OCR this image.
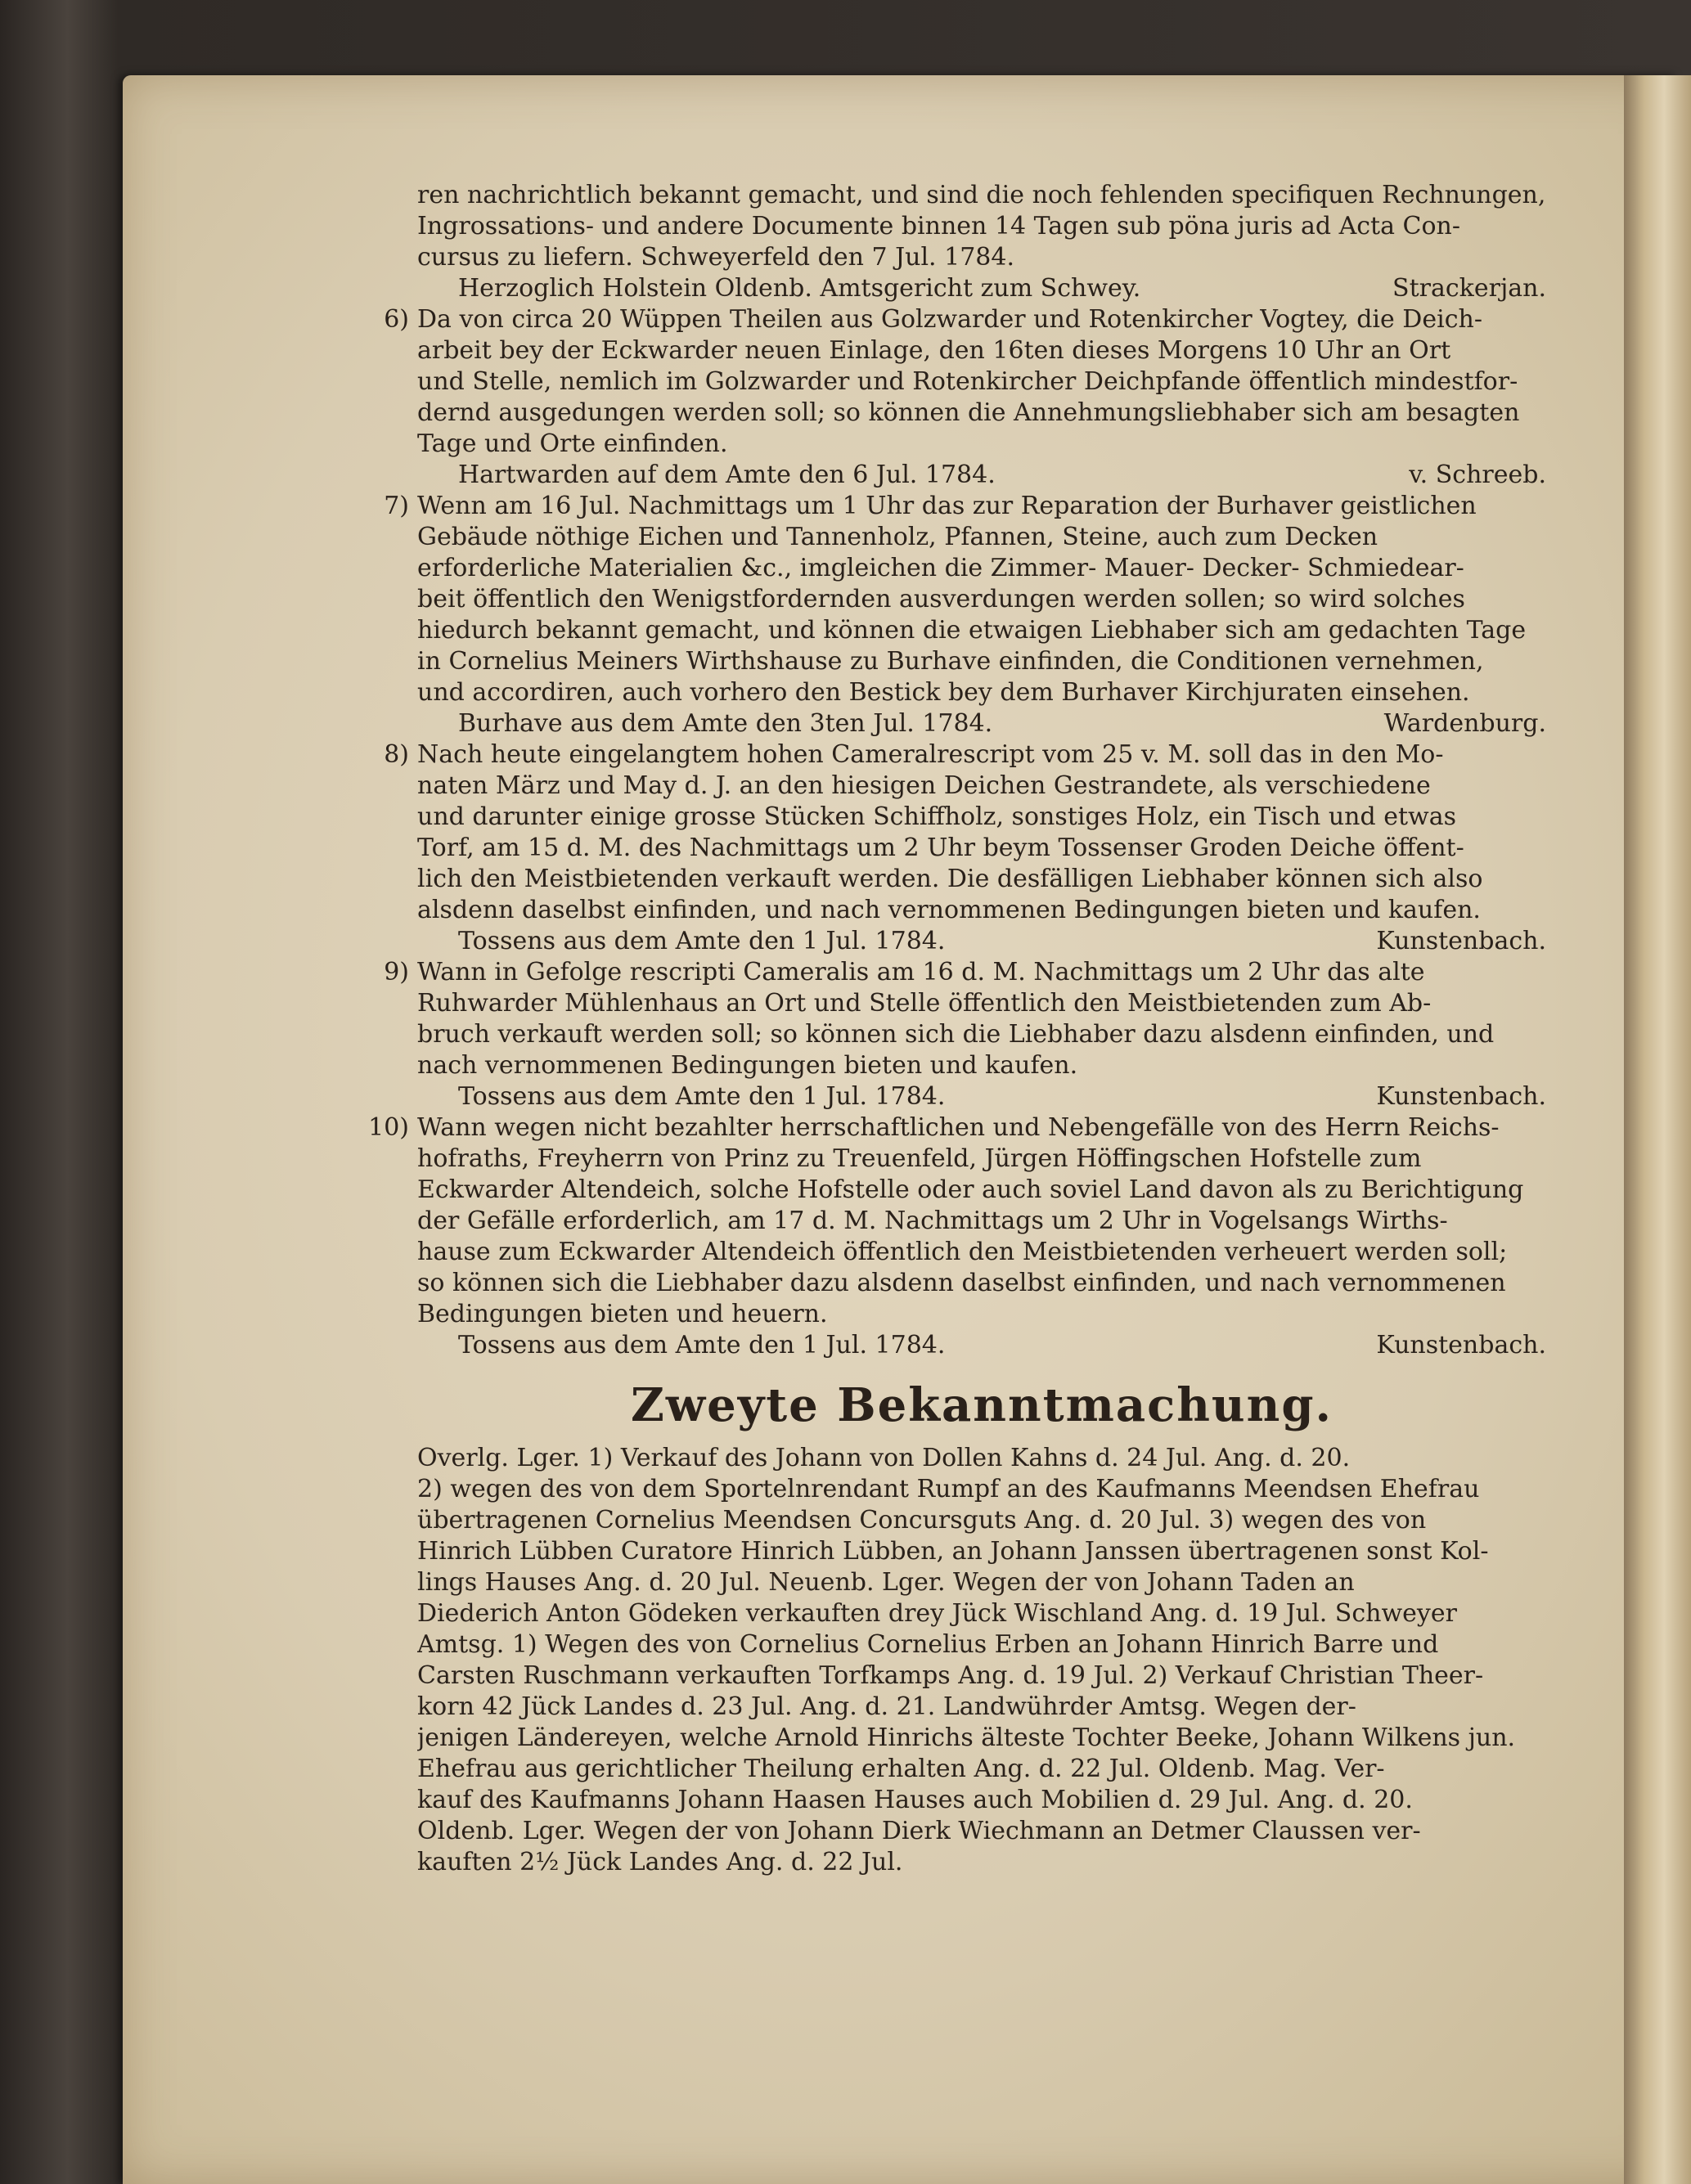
ren nachrichtlich bekannt gemacht, und sind die noch fehlenden specifiquen Rechnungen,
Ingrossations- und andere Documente binnen 14 Tagen sub pöna juris ad Acta Con-
cursus zu liefern. Schweyerfeld den 7 Jul. 1784.
Herzoglich Holstein Oldenb. Amtsgericht zum Schwey.	Strackerjan.
6) Da von circa 20 Wüppen Theilen aus Golzwarder und Rotenkircher Vogtey, die Deich-
arbeit bey der Eckwarder neuen Einlage, den 16ten dieses Morgens 10 Uhr an Ort
und Stelle, nemlich im Golzwarder und Rotenkircher Deichpfande öffentlich mindestfor-
dernd ausgedungen werden soll; so können die Annehmungsliebhaber sich am besagten
Tage und Orte einfinden.
Hartwarden auf dem Amte den 6 Jul. 1784.	v. Schreeb.
7) Wenn am 16 Jul. Nachmittags um 1 Uhr das zur Reparation der Burhaver geistlichen
Gebäude nöthige Eichen und Tannenholz, Pfannen, Steine, auch zum Decken
erforderliche Materialien &c., imgleichen die Zimmer- Mauer- Decker- Schmiedear-
beit öffentlich den Wenigstfordernden ausverdungen werden sollen; so wird solches
hiedurch bekannt gemacht, und können die etwaigen Liebhaber sich am gedachten Tage
in Cornelius Meiners Wirthshause zu Burhave einfinden, die Conditionen vernehmen,
und accordiren, auch vorhero den Bestick bey dem Burhaver Kirchjuraten einsehen.
Burhave aus dem Amte den 3ten Jul. 1784.	Wardenburg.
8) Nach heute eingelangtem hohen Cameralrescript vom 25 v. M. soll das in den Mo-
naten März und May d. J. an den hiesigen Deichen Gestrandete, als verschiedene
und darunter einige grosse Stücken Schiffholz, sonstiges Holz, ein Tisch und etwas
Torf, am 15 d. M. des Nachmittags um 2 Uhr beym Tossenser Groden Deiche öffent-
lich den Meistbietenden verkauft werden. Die desfälligen Liebhaber können sich also
alsdenn daselbst einfinden, und nach vernommenen Bedingungen bieten und kaufen.
Tossens aus dem Amte den 1 Jul. 1784.	Kunstenbach.
9) Wann in Gefolge rescripti Cameralis am 16 d. M. Nachmittags um 2 Uhr das alte
Ruhwarder Mühlenhaus an Ort und Stelle öffentlich den Meistbietenden zum Ab-
bruch verkauft werden soll; so können sich die Liebhaber dazu alsdenn einfinden, und
nach vernommenen Bedingungen bieten und kaufen.
Tossens aus dem Amte den 1 Jul. 1784.	Kunstenbach.
10) Wann wegen nicht bezahlter herrschaftlichen und Nebengefälle von des Herrn Reichs-
hofraths, Freyherrn von Prinz zu Treuenfeld, Jürgen Höffingschen Hofstelle zum
Eckwarder Altendeich, solche Hofstelle oder auch soviel Land davon als zu Berichtigung
der Gefälle erforderlich, am 17 d. M. Nachmittags um 2 Uhr in Vogelsangs Wirths-
hause zum Eckwarder Altendeich öffentlich den Meistbietenden verheuert werden soll;
so können sich die Liebhaber dazu alsdenn daselbst einfinden, und nach vernommenen
Bedingungen bieten und heuern.
Tossens aus dem Amte den 1 Jul. 1784.	Kunstenbach.
Zweyte Bekanntmachung.
Overlg. Lger. 1) Verkauf des Johann von Dollen Kahns d. 24 Jul. Ang. d. 20.
2) wegen des von dem Sportelnrendant Rumpf an des Kaufmanns Meendsen Ehefrau
übertragenen Cornelius Meendsen Concursguts Ang. d. 20 Jul. 3) wegen des von
Hinrich Lübben Curatore Hinrich Lübben, an Johann Janssen übertragenen sonst Kol-
lings Hauses Ang. d. 20 Jul. Neuenb. Lger. Wegen der von Johann Taden an
Diederich Anton Gödeken verkauften drey Jück Wischland Ang. d. 19 Jul. Schweyer
Amtsg. 1) Wegen des von Cornelius Cornelius Erben an Johann Hinrich Barre und
Carsten Ruschmann verkauften Torfkamps Ang. d. 19 Jul. 2) Verkauf Christian Theer-
korn 42 Jück Landes d. 23 Jul. Ang. d. 21. Landwührder Amtsg. Wegen der-
jenigen Ländereyen, welche Arnold Hinrichs älteste Tochter Beeke, Johann Wilkens jun.
Ehefrau aus gerichtlicher Theilung erhalten Ang. d. 22 Jul. Oldenb. Mag. Ver-
kauf des Kaufmanns Johann Haasen Hauses auch Mobilien d. 29 Jul. Ang. d. 20.
Oldenb. Lger. Wegen der von Johann Dierk Wiechmann an Detmer Claussen ver-
kauften 2½ Jück Landes Ang. d. 22 Jul.
